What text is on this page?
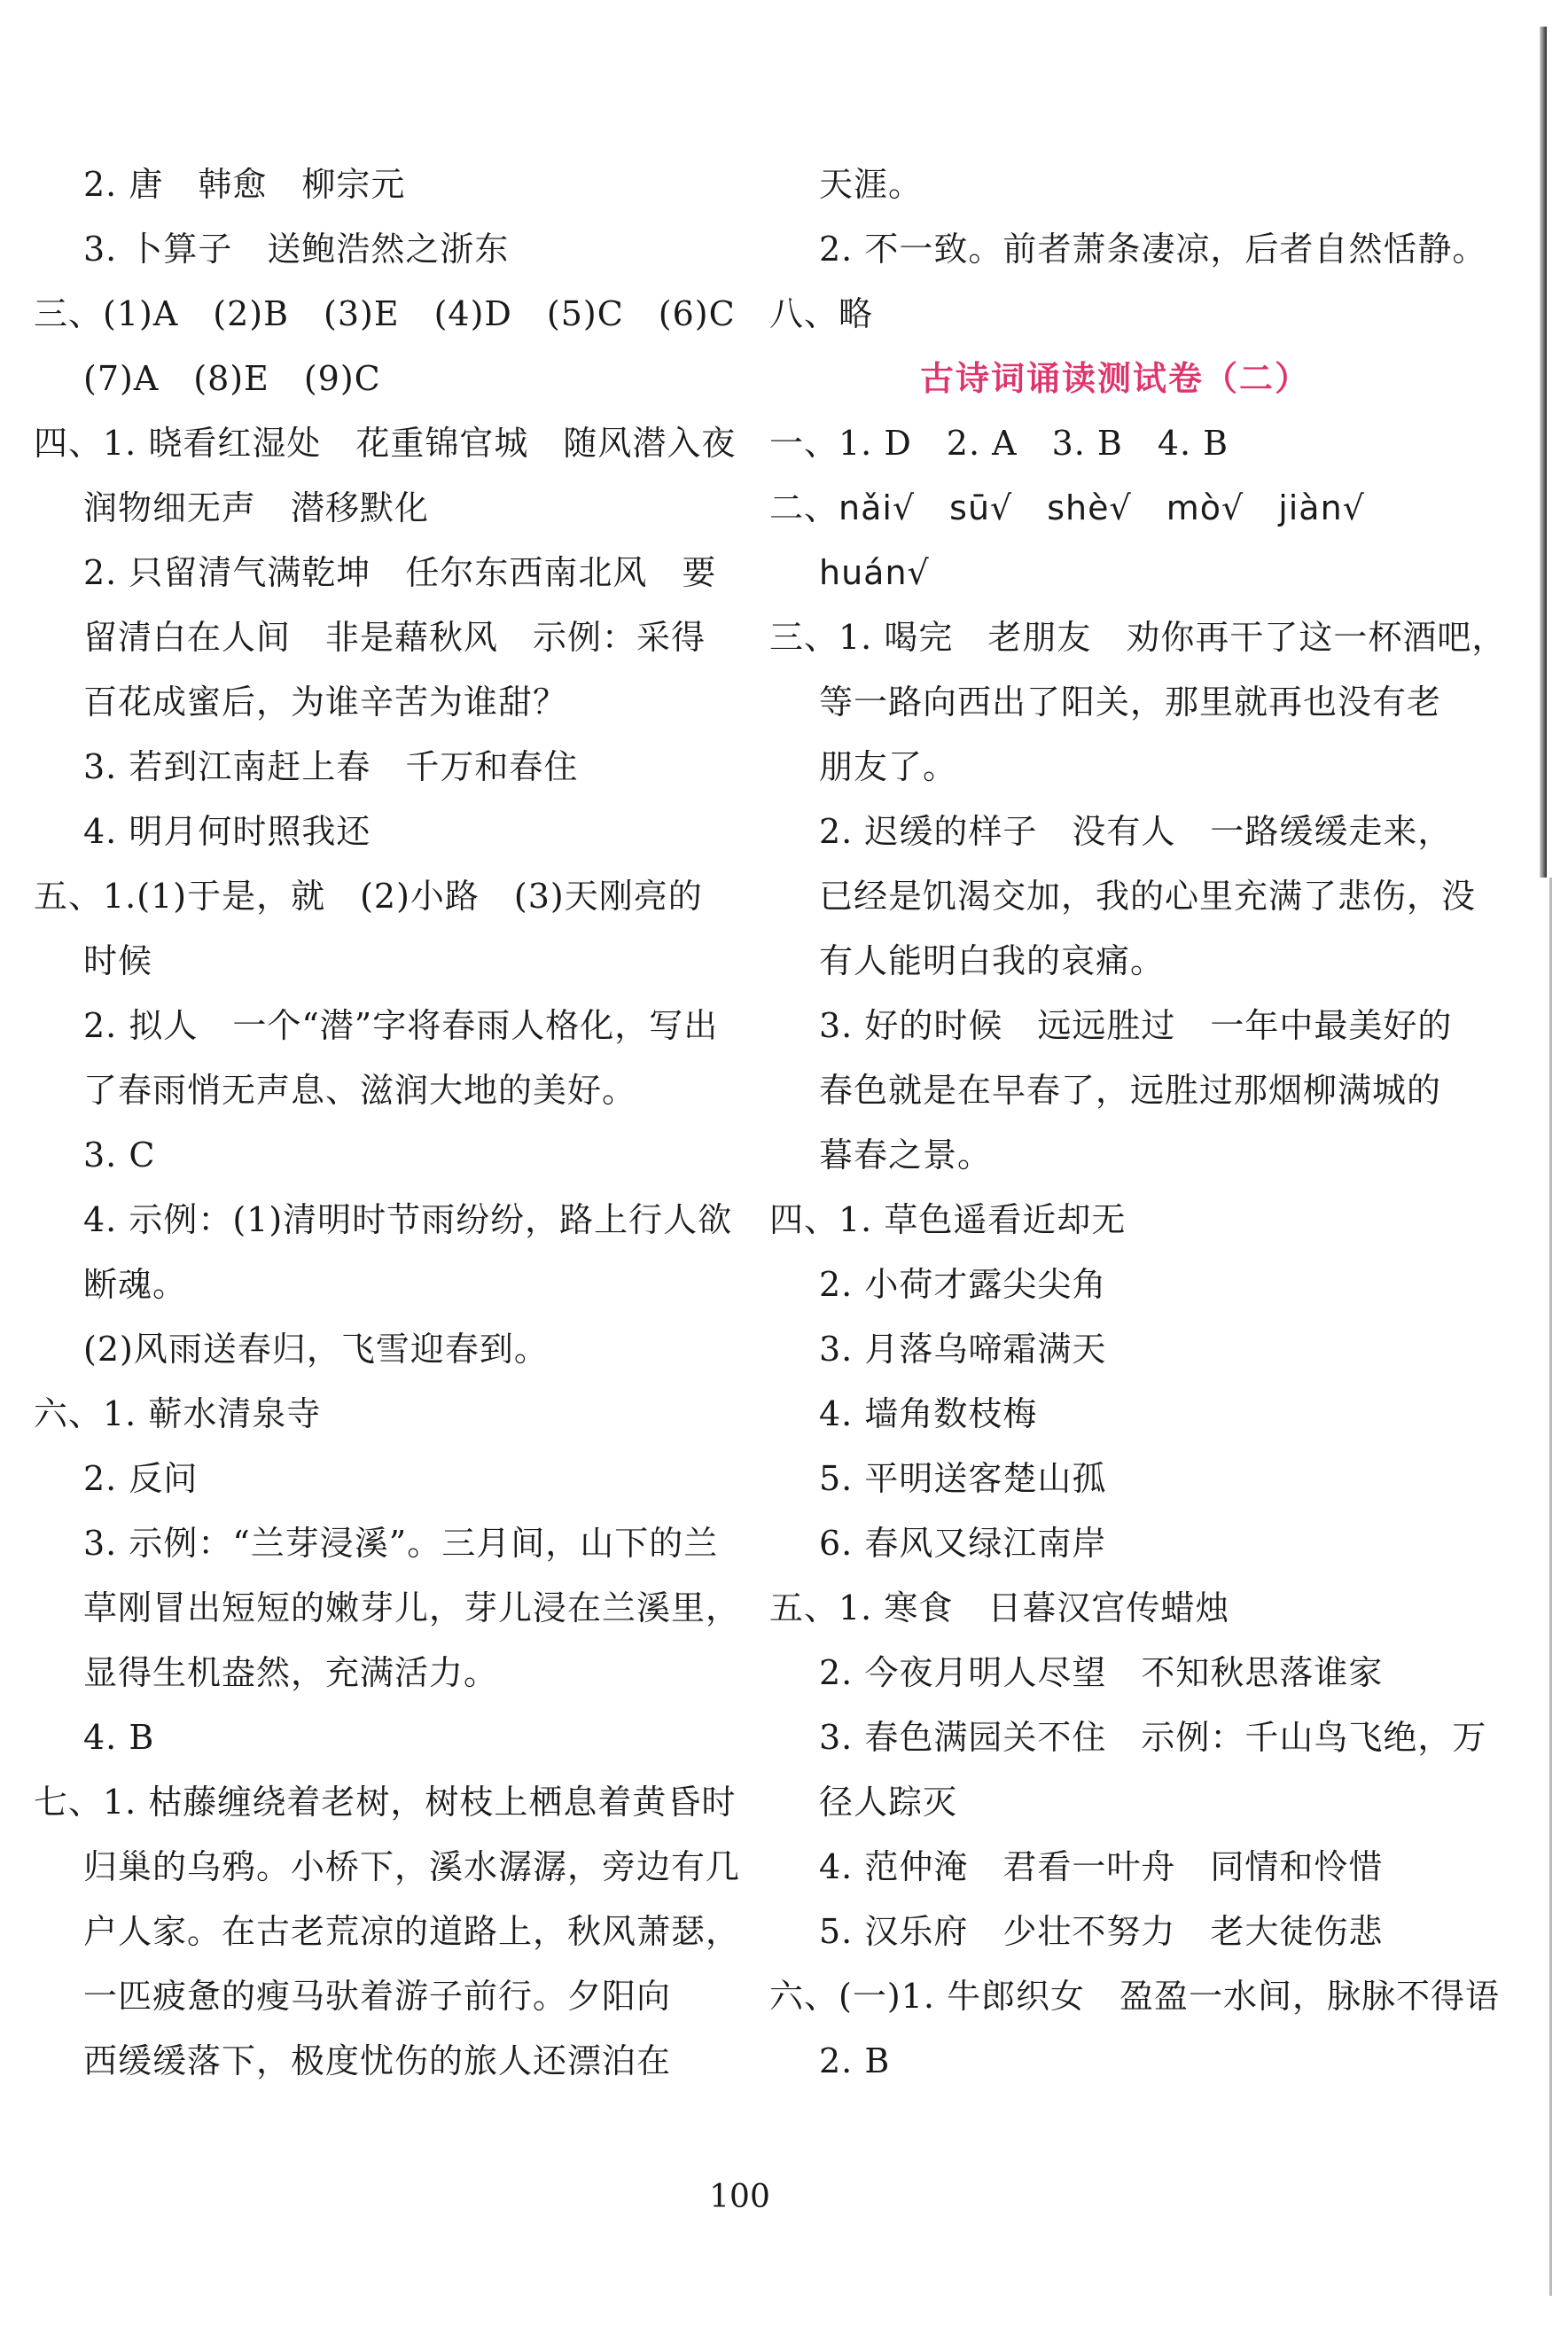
2. 唐　韩愈　柳宗元
3. 卜算子　送鲍浩然之浙东
三、(1)A　(2)B　(3)E　(4)D　(5)C　(6)C
(7)A　(8)E　(9)C
四、1. 晓看红湿处　花重锦官城　随风潜入夜
润物细无声　潜移默化
2. 只留清气满乾坤　任尔东西南北风　要
留清白在人间　非是藉秋风　示例：采得
百花成蜜后，为谁辛苦为谁甜？
3. 若到江南赶上春　千万和春住
4. 明月何时照我还
五、1.(1)于是，就　(2)小路　(3)天刚亮的
时候
2. 拟人　一个“潜”字将春雨人格化，写出
了春雨悄无声息、滋润大地的美好。
3. C
4. 示例：(1)清明时节雨纷纷，路上行人欲
断魂。
(2)风雨送春归，飞雪迎春到。
六、1. 蕲水清泉寺
2. 反问
3. 示例：“兰芽浸溪”。三月间，山下的兰
草刚冒出短短的嫩芽儿，芽儿浸在兰溪里，
显得生机盎然，充满活力。
4. B
七、1. 枯藤缠绕着老树，树枝上栖息着黄昏时
归巢的乌鸦。小桥下，溪水潺潺，旁边有几
户人家。在古老荒凉的道路上，秋风萧瑟，
一匹疲惫的瘦马驮着游子前行。夕阳向
西缓缓落下，极度忧伤的旅人还漂泊在
天涯。
2. 不一致。前者萧条凄凉，后者自然恬静。
八、略
古诗词诵读测试卷（二）
一、1. D　2. A　3. B　4. B
二、nǎi√　sū√　shè√　mò√　jiàn√
huán√
三、1. 喝完　老朋友　劝你再干了这一杯酒吧，
等一路向西出了阳关，那里就再也没有老
朋友了。
2. 迟缓的样子　没有人　一路缓缓走来，
已经是饥渴交加，我的心里充满了悲伤，没
有人能明白我的哀痛。
3. 好的时候　远远胜过　一年中最美好的
春色就是在早春了，远胜过那烟柳满城的
暮春之景。
四、1. 草色遥看近却无
2. 小荷才露尖尖角
3. 月落乌啼霜满天
4. 墙角数枝梅
5. 平明送客楚山孤
6. 春风又绿江南岸
五、1. 寒食　日暮汉宫传蜡烛
2. 今夜月明人尽望　不知秋思落谁家
3. 春色满园关不住　示例：千山鸟飞绝，万
径人踪灭
4. 范仲淹　君看一叶舟　同情和怜惜
5. 汉乐府　少壮不努力　老大徒伤悲
六、(一)1. 牛郎织女　盈盈一水间，脉脉不得语
2. B
100
